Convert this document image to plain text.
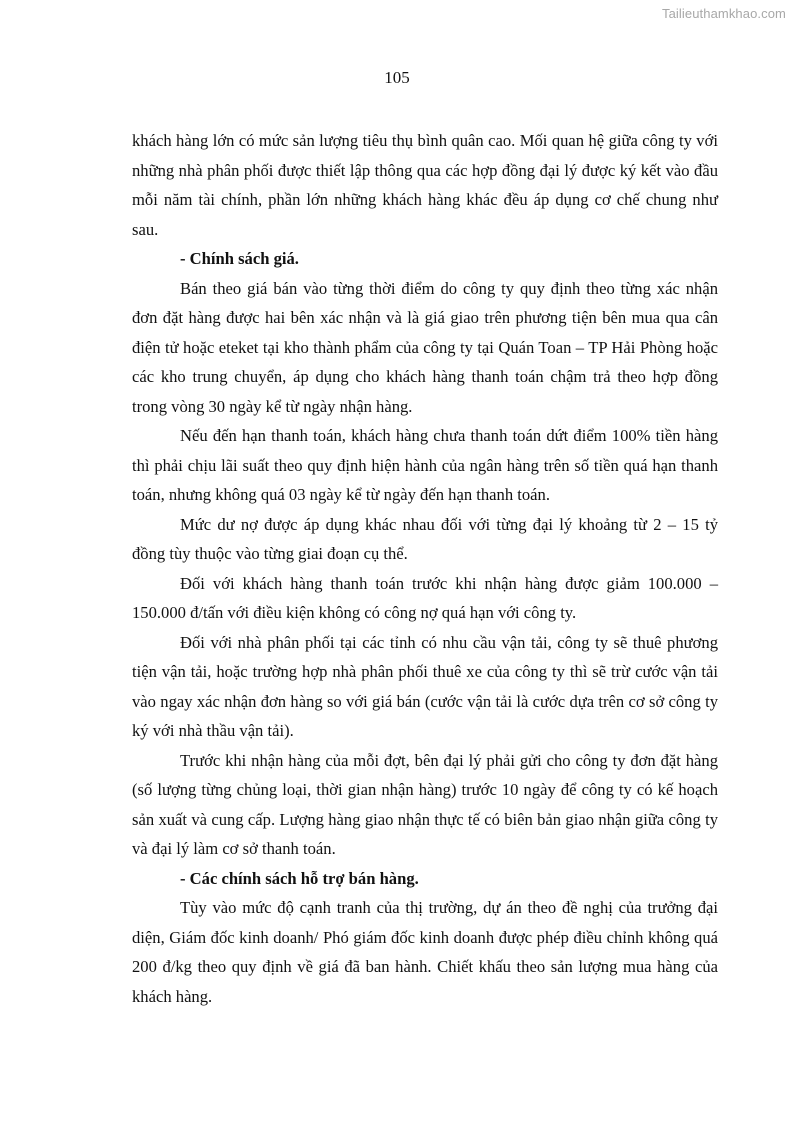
Tailieuthamkhao.com
105

khách hàng lớn có mức sản lượng tiêu thụ bình quân cao. Mối quan hệ giữa công ty với những nhà phân phối được thiết lập thông qua các hợp đồng đại lý được ký kết vào đầu mỗi năm tài chính, phần lớn những khách hàng khác đều áp dụng cơ chế chung như sau.

- Chính sách giá.

Bán theo giá bán vào từng thời điểm do công ty quy định theo từng xác nhận đơn đặt hàng được hai bên xác nhận và là giá giao trên phương tiện bên mua qua cân điện tử hoặc eteket tại kho thành phẩm của công ty tại Quán Toan – TP Hải Phòng hoặc các kho trung chuyển, áp dụng cho khách hàng thanh toán chậm trả theo hợp đồng trong vòng 30 ngày kể từ ngày nhận hàng.

Nếu đến hạn thanh toán, khách hàng chưa thanh toán dứt điểm 100% tiền hàng thì phải chịu lãi suất theo quy định hiện hành của ngân hàng trên số tiền quá hạn thanh toán, nhưng không quá 03 ngày kể từ ngày đến hạn thanh toán.

Mức dư nợ được áp dụng khác nhau đối với từng đại lý khoảng từ 2 – 15 tỷ đồng tùy thuộc vào từng giai đoạn cụ thể.

Đối với khách hàng thanh toán trước khi nhận hàng được giảm 100.000 – 150.000 đ/tấn với điều kiện không có công nợ quá hạn với công ty.

Đối với nhà phân phối tại các tỉnh có nhu cầu vận tải, công ty sẽ thuê phương tiện vận tải, hoặc trường hợp nhà phân phối thuê xe của công ty thì sẽ trừ cước vận tải vào ngay xác nhận đơn hàng so với giá bán (cước vận tải là cước dựa trên cơ sở công ty ký với nhà thầu vận tải).

Trước khi nhận hàng của mỗi đợt, bên đại lý phải gửi cho công ty đơn đặt hàng (số lượng từng chủng loại, thời gian nhận hàng) trước 10 ngày để công ty có kế hoạch sản xuất và cung cấp. Lượng hàng giao nhận thực tế có biên bản giao nhận giữa công ty và đại lý làm cơ sở thanh toán.

- Các chính sách hỗ trợ bán hàng.

Tùy vào mức độ cạnh tranh của thị trường, dự án theo đề nghị của trưởng đại diện, Giám đốc kinh doanh/ Phó giám đốc kinh doanh được phép điều chỉnh không quá 200 đ/kg theo quy định về giá đã ban hành. Chiết khấu theo sản lượng mua hàng của khách hàng.
